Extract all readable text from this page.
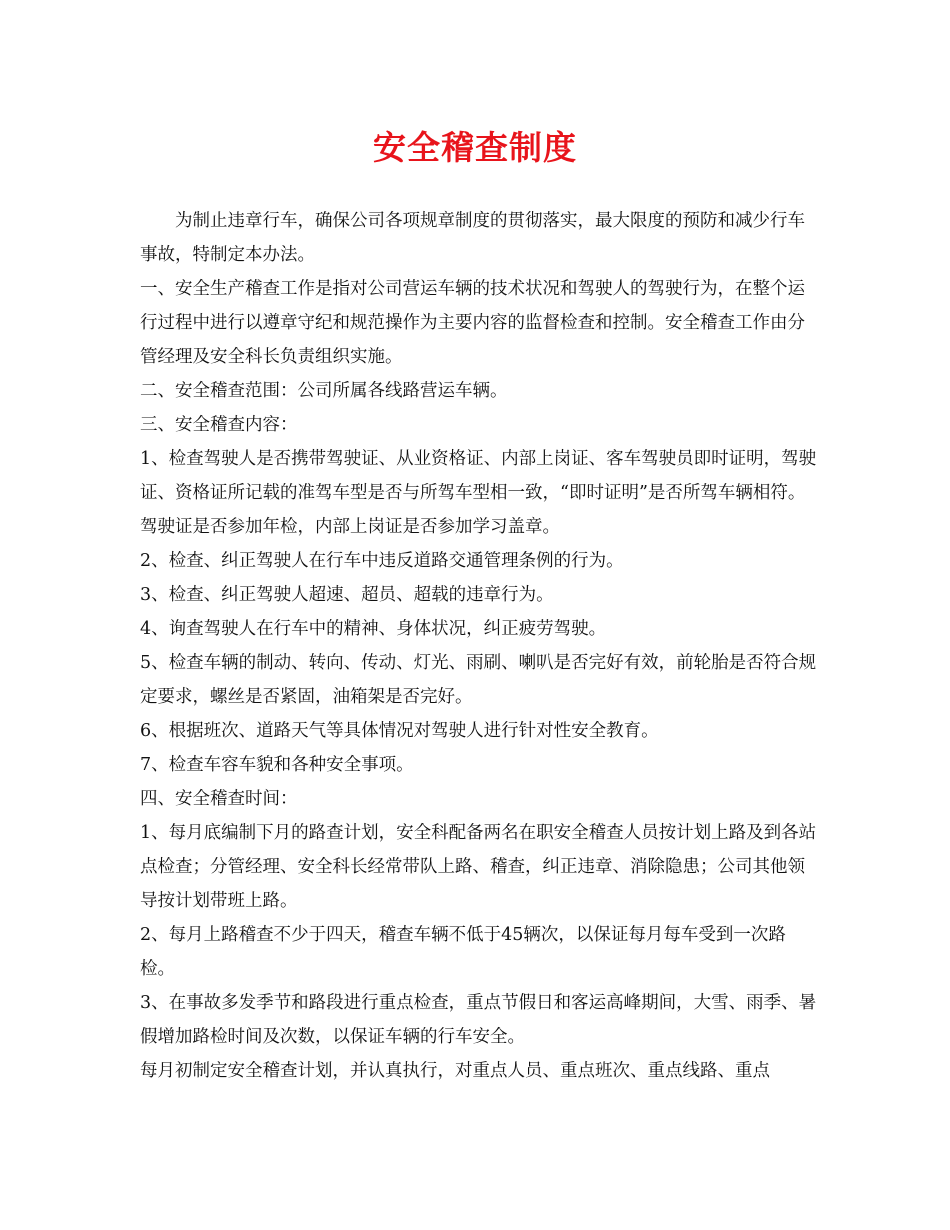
安全稽查制度

为制止违章行车，确保公司各项规章制度的贯彻落实，最大限度的预防和减少行车事故，特制定本办法。

一、安全生产稽查工作是指对公司营运车辆的技术状况和驾驶人的驾驶行为，在整个运行过程中进行以遵章守纪和规范操作为主要内容的监督检查和控制。安全稽查工作由分管经理及安全科长负责组织实施。

二、安全稽查范围：公司所属各线路营运车辆。

三、安全稽查内容：

1、检查驾驶人是否携带驾驶证、从业资格证、内部上岗证、客车驾驶员即时证明，驾驶证、资格证所记载的准驾车型是否与所驾车型相一致，“即时证明”是否所驾车辆相符。驾驶证是否参加年检，内部上岗证是否参加学习盖章。

2、检查、纠正驾驶人在行车中违反道路交通管理条例的行为。

3、检查、纠正驾驶人超速、超员、超载的违章行为。

4、询查驾驶人在行车中的精神、身体状况，纠正疲劳驾驶。

5、检查车辆的制动、转向、传动、灯光、雨刷、喇叭是否完好有效，前轮胎是否符合规定要求，螺丝是否紧固，油箱架是否完好。

6、根据班次、道路天气等具体情况对驾驶人进行针对性安全教育。

7、检查车容车貌和各种安全事项。

四、安全稽查时间：

1、每月底编制下月的路查计划，安全科配备两名在职安全稽查人员按计划上路及到各站点检查；分管经理、安全科长经常带队上路、稽查，纠正违章、消除隐患；公司其他领导按计划带班上路。

2、每月上路稽查不少于四天，稽查车辆不低于45辆次，以保证每月每车受到一次路检。

3、在事故多发季节和路段进行重点检查，重点节假日和客运高峰期间，大雪、雨季、暑假增加路检时间及次数，以保证车辆的行车安全。

每月初制定安全稽查计划，并认真执行，对重点人员、重点班次、重点线路、重点
